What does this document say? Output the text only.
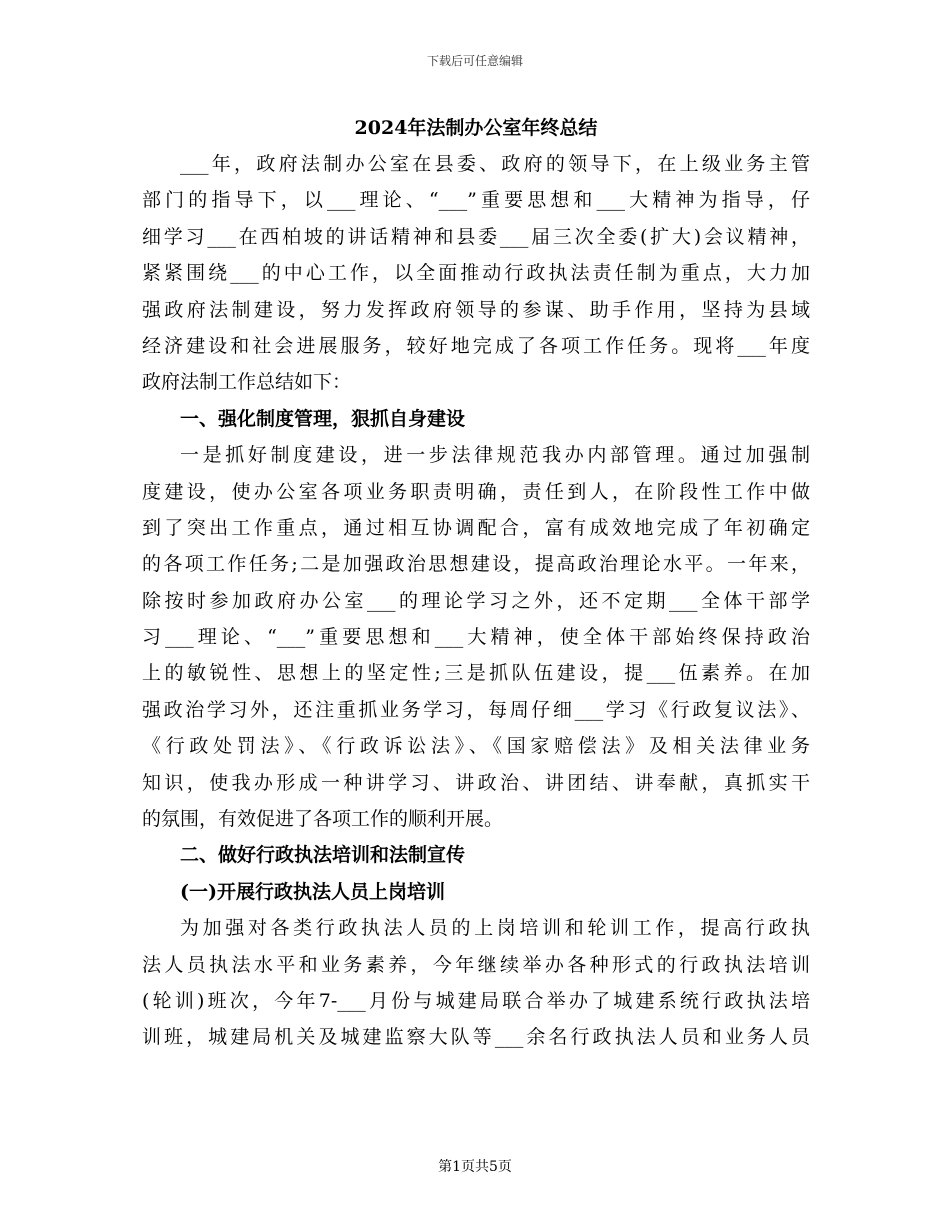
下载后可任意编辑
2024年法制办公室年终总结

___年，政府法制办公室在县委、政府的领导下，在上级业务主管

部门的指导下，以___理论、“___”重要思想和___大精神为指导，仔

细学习___在西柏坡的讲话精神和县委___届三次全委(扩大)会议精神，

紧紧围绕___的中心工作，以全面推动行政执法责任制为重点，大力加

强政府法制建设，努力发挥政府领导的参谋、助手作用，坚持为县域

经济建设和社会进展服务，较好地完成了各项工作任务。现将___年度

政府法制工作总结如下：

一、强化制度管理，狠抓自身建设

一是抓好制度建设，进一步法律规范我办内部管理。通过加强制

度建设，使办公室各项业务职责明确，责任到人，在阶段性工作中做

到了突出工作重点，通过相互协调配合，富有成效地完成了年初确定

的各项工作任务;二是加强政治思想建设，提高政治理论水平。一年来，

除按时参加政府办公室___的理论学习之外，还不定期___全体干部学

习___理论、“___”重要思想和___大精神，使全体干部始终保持政治

上的敏锐性、思想上的坚定性;三是抓队伍建设，提___伍素养。在加

强政治学习外，还注重抓业务学习，每周仔细___学习《行政复议法》、

《行政处罚法》、《行政诉讼法》、《国家赔偿法》及相关法律业务

知识，使我办形成一种讲学习、讲政治、讲团结、讲奉献，真抓实干

的氛围，有效促进了各项工作的顺利开展。

二、做好行政执法培训和法制宣传

(一)开展行政执法人员上岗培训

为加强对各类行政执法人员的上岗培训和轮训工作，提高行政执

法人员执法水平和业务素养，今年继续举办各种形式的行政执法培训

(轮训)班次，今年7-___月份与城建局联合举办了城建系统行政执法培

训班，城建局机关及城建监察大队等___余名行政执法人员和业务人员

第1页共5页
